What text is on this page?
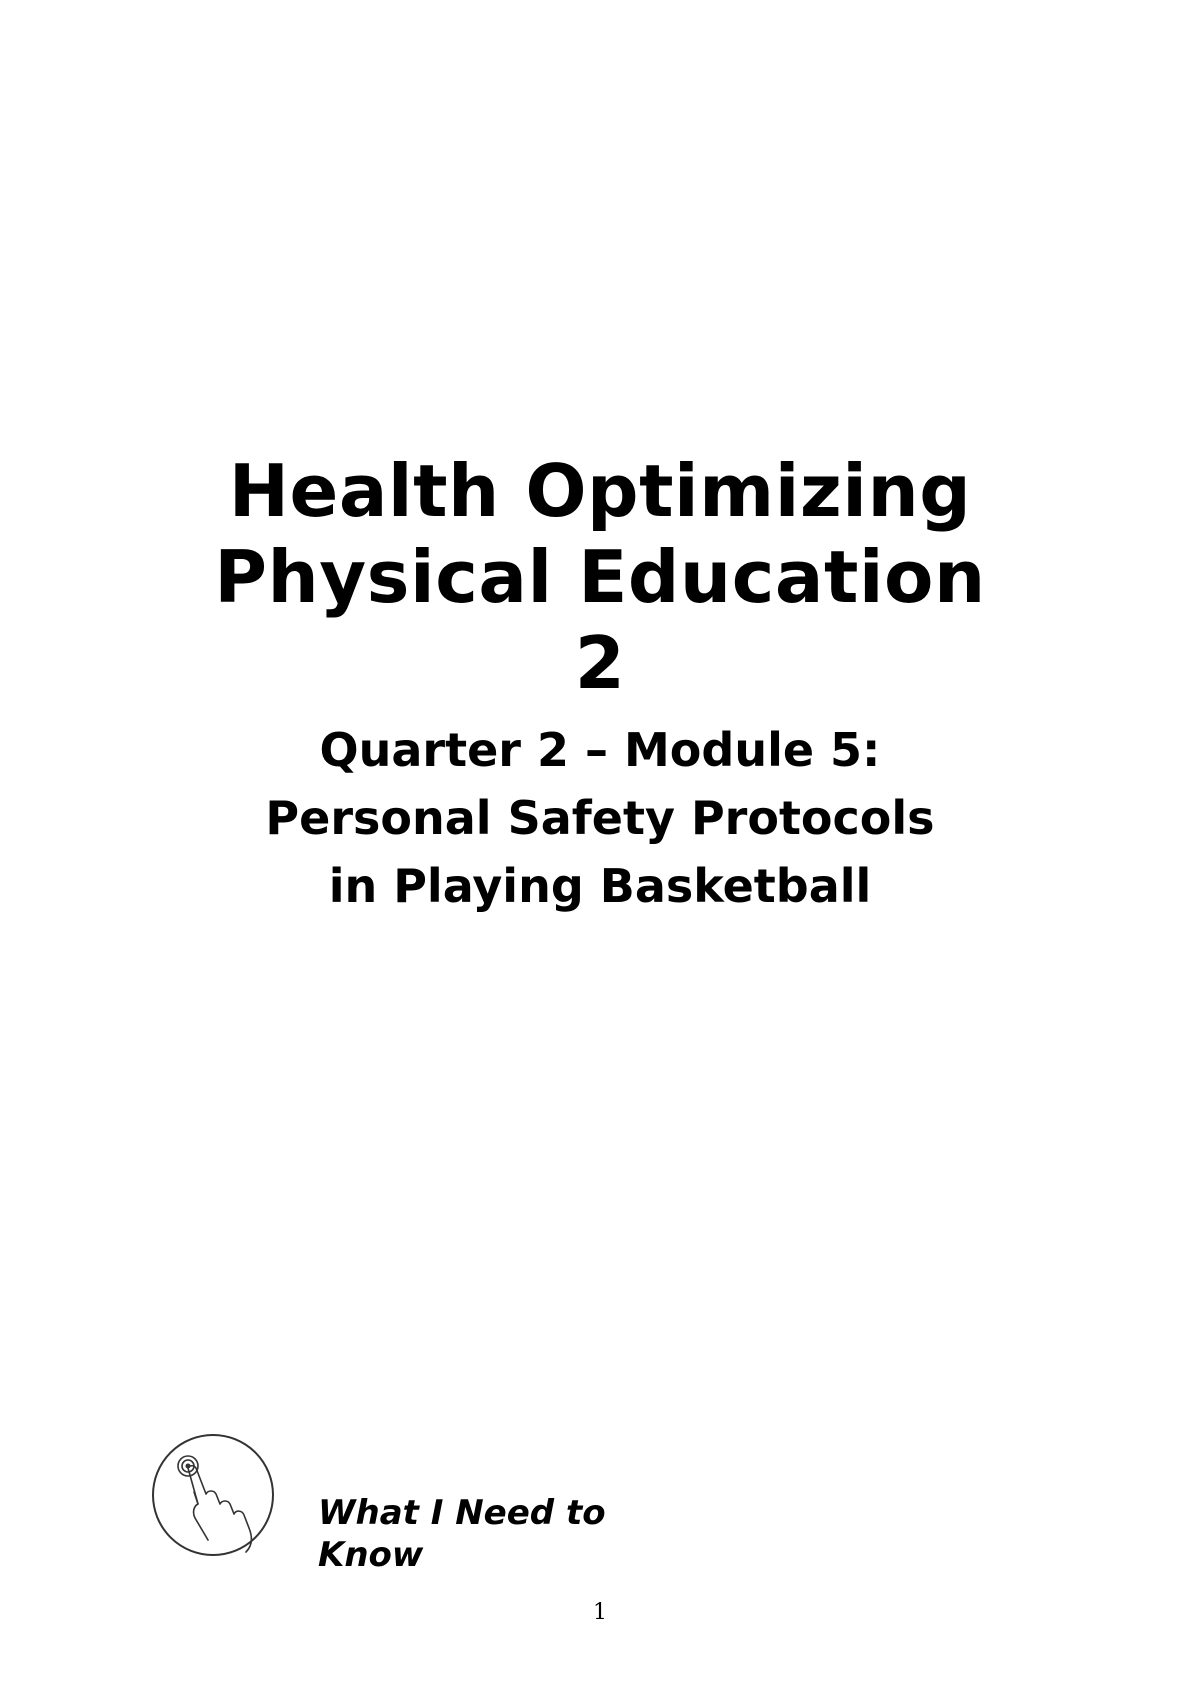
Health Optimizing
Physical Education
2
Quarter 2 – Module 5:
Personal Safety Protocols
in Playing Basketball

What I Need to
Know

1
